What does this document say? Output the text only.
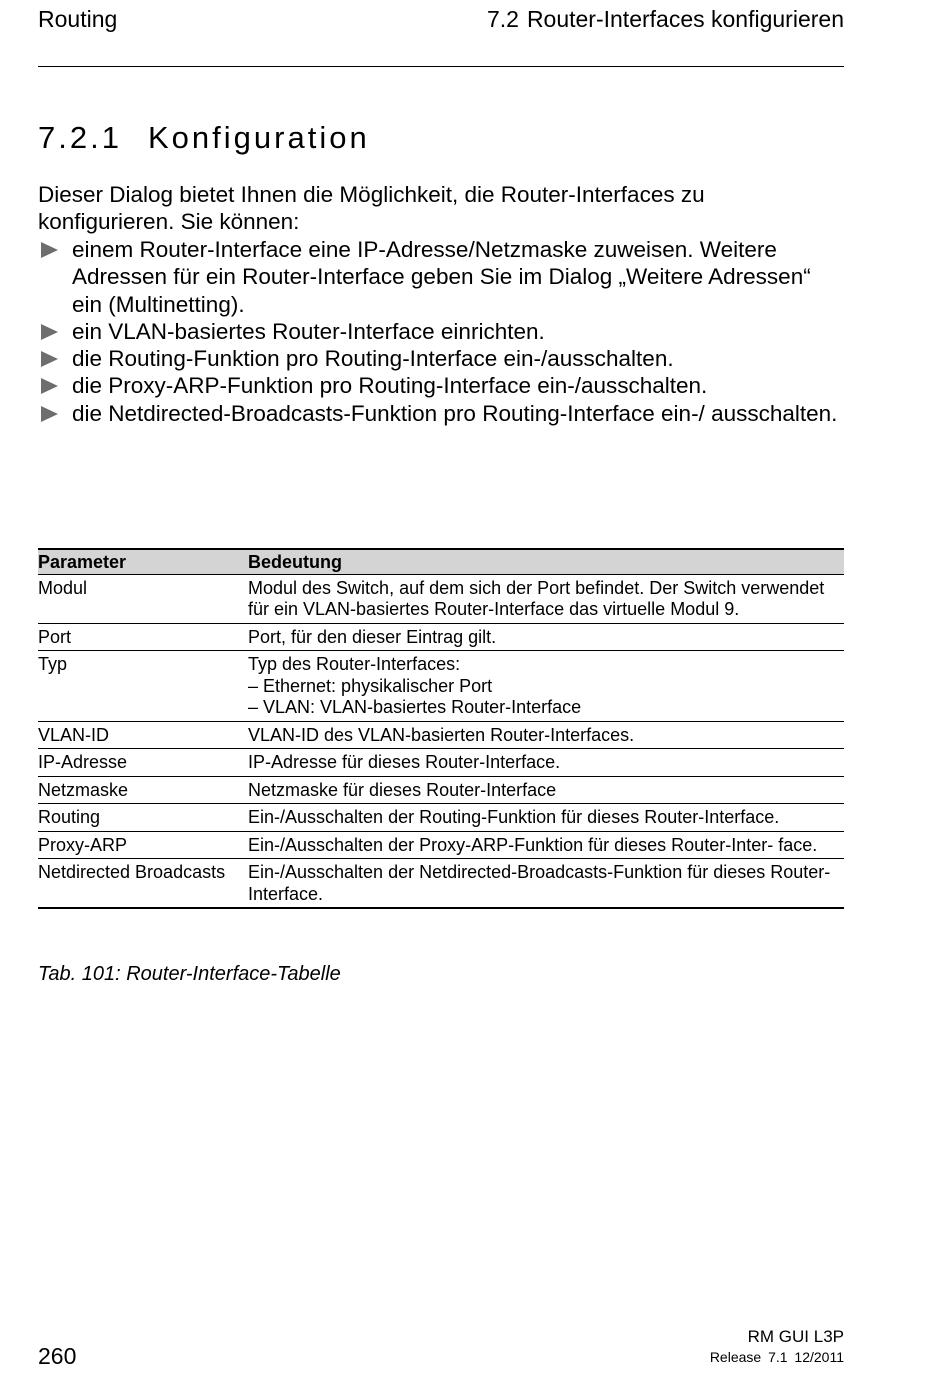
Routing	7.2 Router-Interfaces konfigurieren
7.2.1 Konfiguration

Dieser Dialog bietet Ihnen die Möglichkeit, die Router-Interfaces zu konfigurieren. Sie können:

einem Router-Interface eine IP-Adresse/Netzmaske zuweisen. Weitere Adressen für ein Router-Interface geben Sie im Dialog „Weitere Adressen“ ein (Multinetting).
ein VLAN-basiertes Router-Interface einrichten.
die Routing-Funktion pro Routing-Interface ein-/ausschalten.
die Proxy-ARP-Funktion pro Routing-Interface ein-/ausschalten.
die Netdirected-Broadcasts-Funktion pro Routing-Interface ein-/ ausschalten.
Parameter	Bedeutung
Modul	Modul des Switch, auf dem sich der Port befindet. Der Switch verwendet für ein VLAN-basiertes Router-Interface das virtuelle Modul 9.
Port	Port, für den dieser Eintrag gilt.
Typ	Typ des Router-Interfaces:
– Ethernet: physikalischer Port
– VLAN: VLAN-basiertes Router-Interface

VLAN-ID	VLAN-ID des VLAN-basierten Router-Interfaces.
IP-Adresse	IP-Adresse für dieses Router-Interface.
Netzmaske	Netzmaske für dieses Router-Interface
Routing	Ein-/Ausschalten der Routing-Funktion für dieses Router-Interface.
Proxy-ARP	Ein-/Ausschalten der Proxy-ARP-Funktion für dieses Router-Inter- face.
Netdirected Broadcasts	Ein-/Ausschalten der Netdirected-Broadcasts-Funktion für dieses Router-Interface.
Tab. 101: Router-Interface-Tabelle
260
RM GUI L3P
Release 7.1 12/2011
